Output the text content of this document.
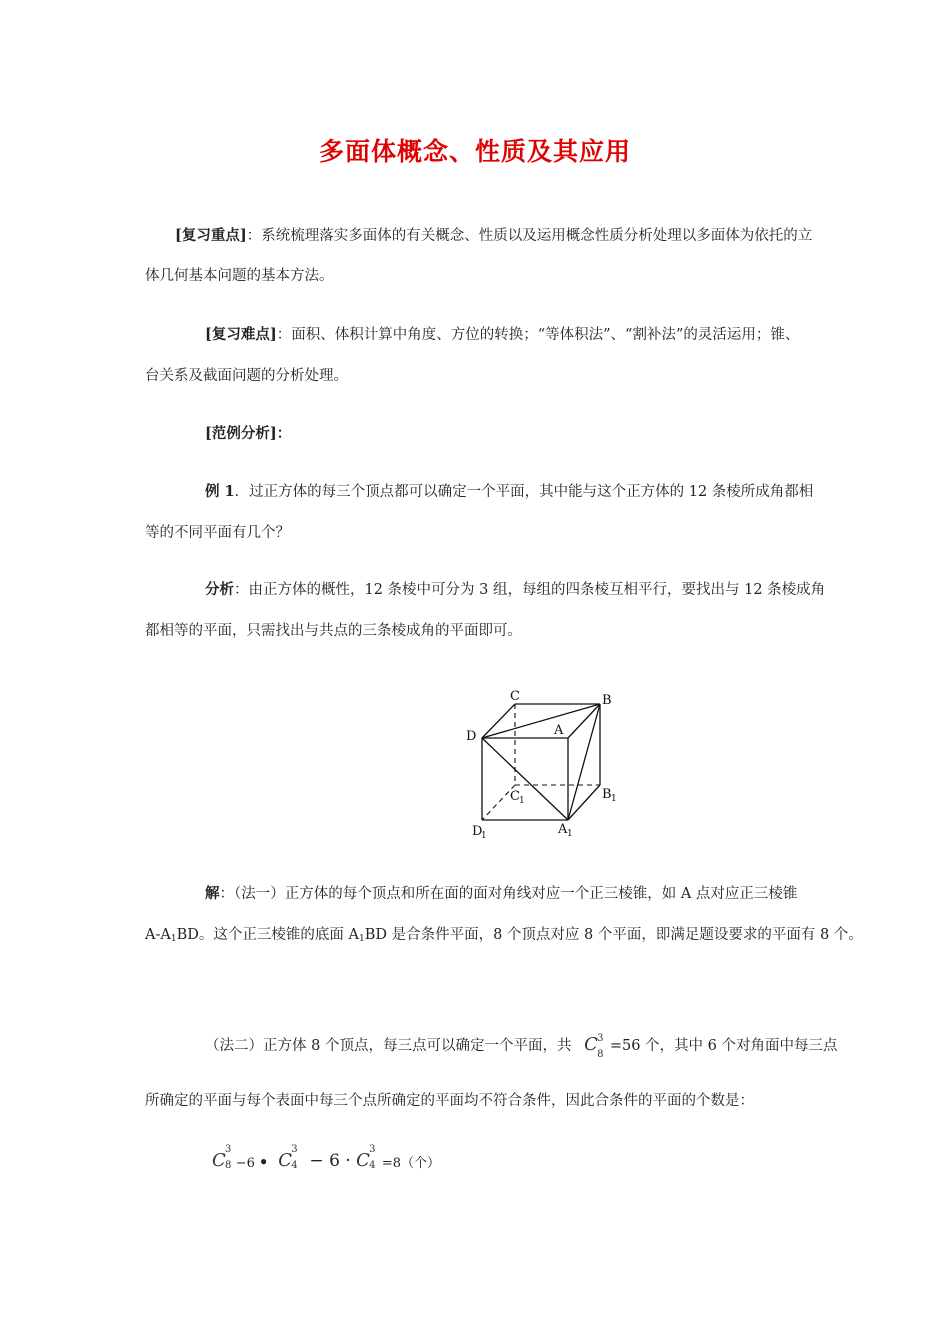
多面体概念、性质及其应用
[复习重点]：系统梳理落实多面体的有关概念、性质以及运用概念性质分析处理以多面体为依托的立
体几何基本问题的基本方法。
[复习难点]：面积、体积计算中角度、方位的转换；“等体积法”、“割补法”的灵活运用；锥、
台关系及截面问题的分析处理。
[范例分析]：
例 1．过正方体的每三个顶点都可以确定一个平面，其中能与这个正方体的 12 条棱所成角都相
等的不同平面有几个？
分析：由正方体的概性，12 条棱中可分为 3 组，每组的四条棱互相平行，要找出与 12 条棱成角
都相等的平面，只需找出与共点的三条棱成角的平面即可。
C	B
D	A
C 1	B 1
D
1	A 1
解：（法一）正方体的每个顶点和所在面的面对角线对应一个正三棱锥，如 A 点对应正三棱锥
$A-A_1BD$。这个正三棱锥的底面 $A_1BD$ 是合条件平面，8 个顶点对应 8 个平面，即满足题设要求的平面有 8 个。
（法二）正方体 8 个顶点，每三点可以确定一个平面，共 C 3
8
=56 个，其中 6 个对角面中每三点
所确定的平面与每个表面中每三个点所确定的平面均不符合条件，因此合条件的平面的个数是：
C
3
8 −6 • C
3
4 − 6 · C
3
4 =8（个）
